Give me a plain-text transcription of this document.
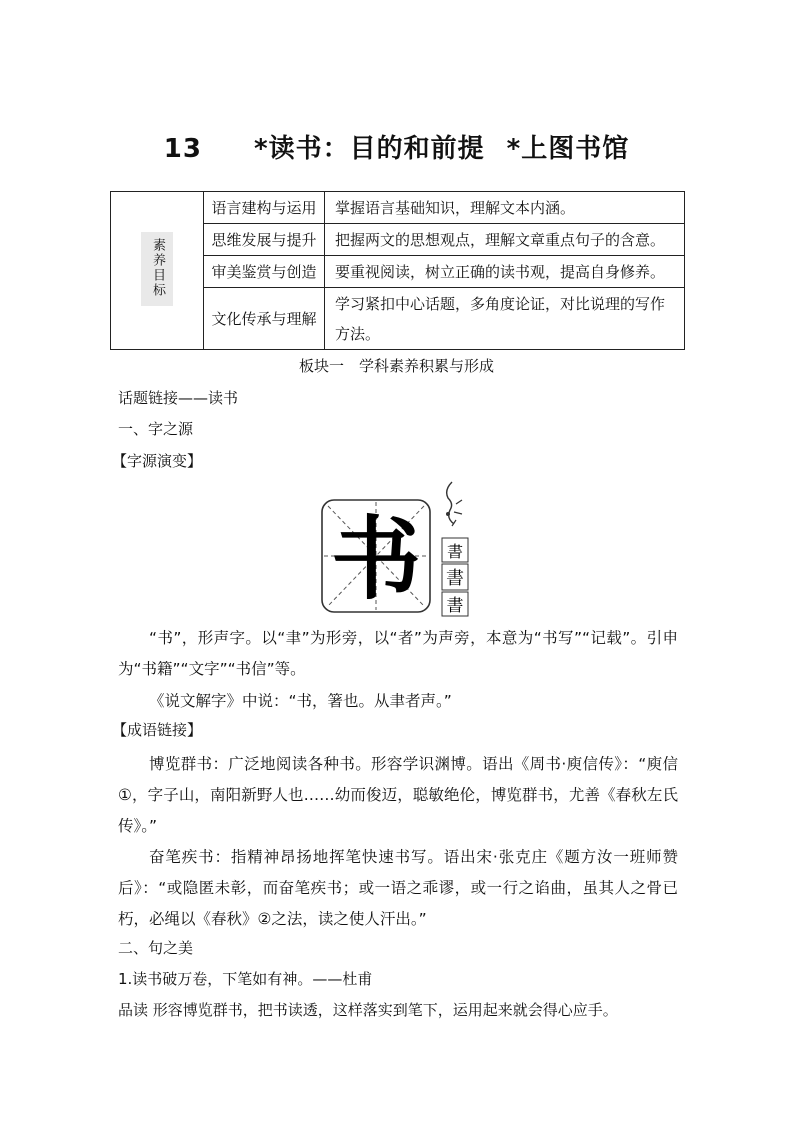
13 *读书：目的和前提 *上图书馆
素养目标	语言建构与运用	掌握语言基础知识，理解文本内涵。
	思维发展与提升	把握两文的思想观点，理解文章重点句子的含意。
	审美鉴赏与创造	要重视阅读，树立正确的读书观，提高自身修养。
	文化传承与理解	学习紧扣中心话题，多角度论证，对比说理的写作方法。
板块一　学科素养积累与形成
话题链接——读书
一、字之源
【字源演变】
书 書
書
書
“书”，形声字。以“聿”为形旁，以“者”为声旁，本意为“书写”“记载”。引申为“书籍”“文字”“书信”等。
《说文解字》中说：“书，箸也。从聿者声。”
【成语链接】
博览群书：广泛地阅读各种书。形容学识渊博。语出《周书·庾信传》：“庾信①，字子山，南阳新野人也……幼而俊迈，聪敏绝伦，博览群书，尤善《春秋左氏传》。”
奋笔疾书：指精神昂扬地挥笔快速书写。语出宋·张克庄《题方汝一班师赞后》：“或隐匿未彰，而奋笔疾书；或一语之乖谬，或一行之谄曲，虽其人之骨已朽，必绳以《春秋》②之法，读之使人汗出。”
二、句之美
1.读书破万卷，下笔如有神。——杜甫
品读 形容博览群书，把书读透，这样落实到笔下，运用起来就会得心应手。
